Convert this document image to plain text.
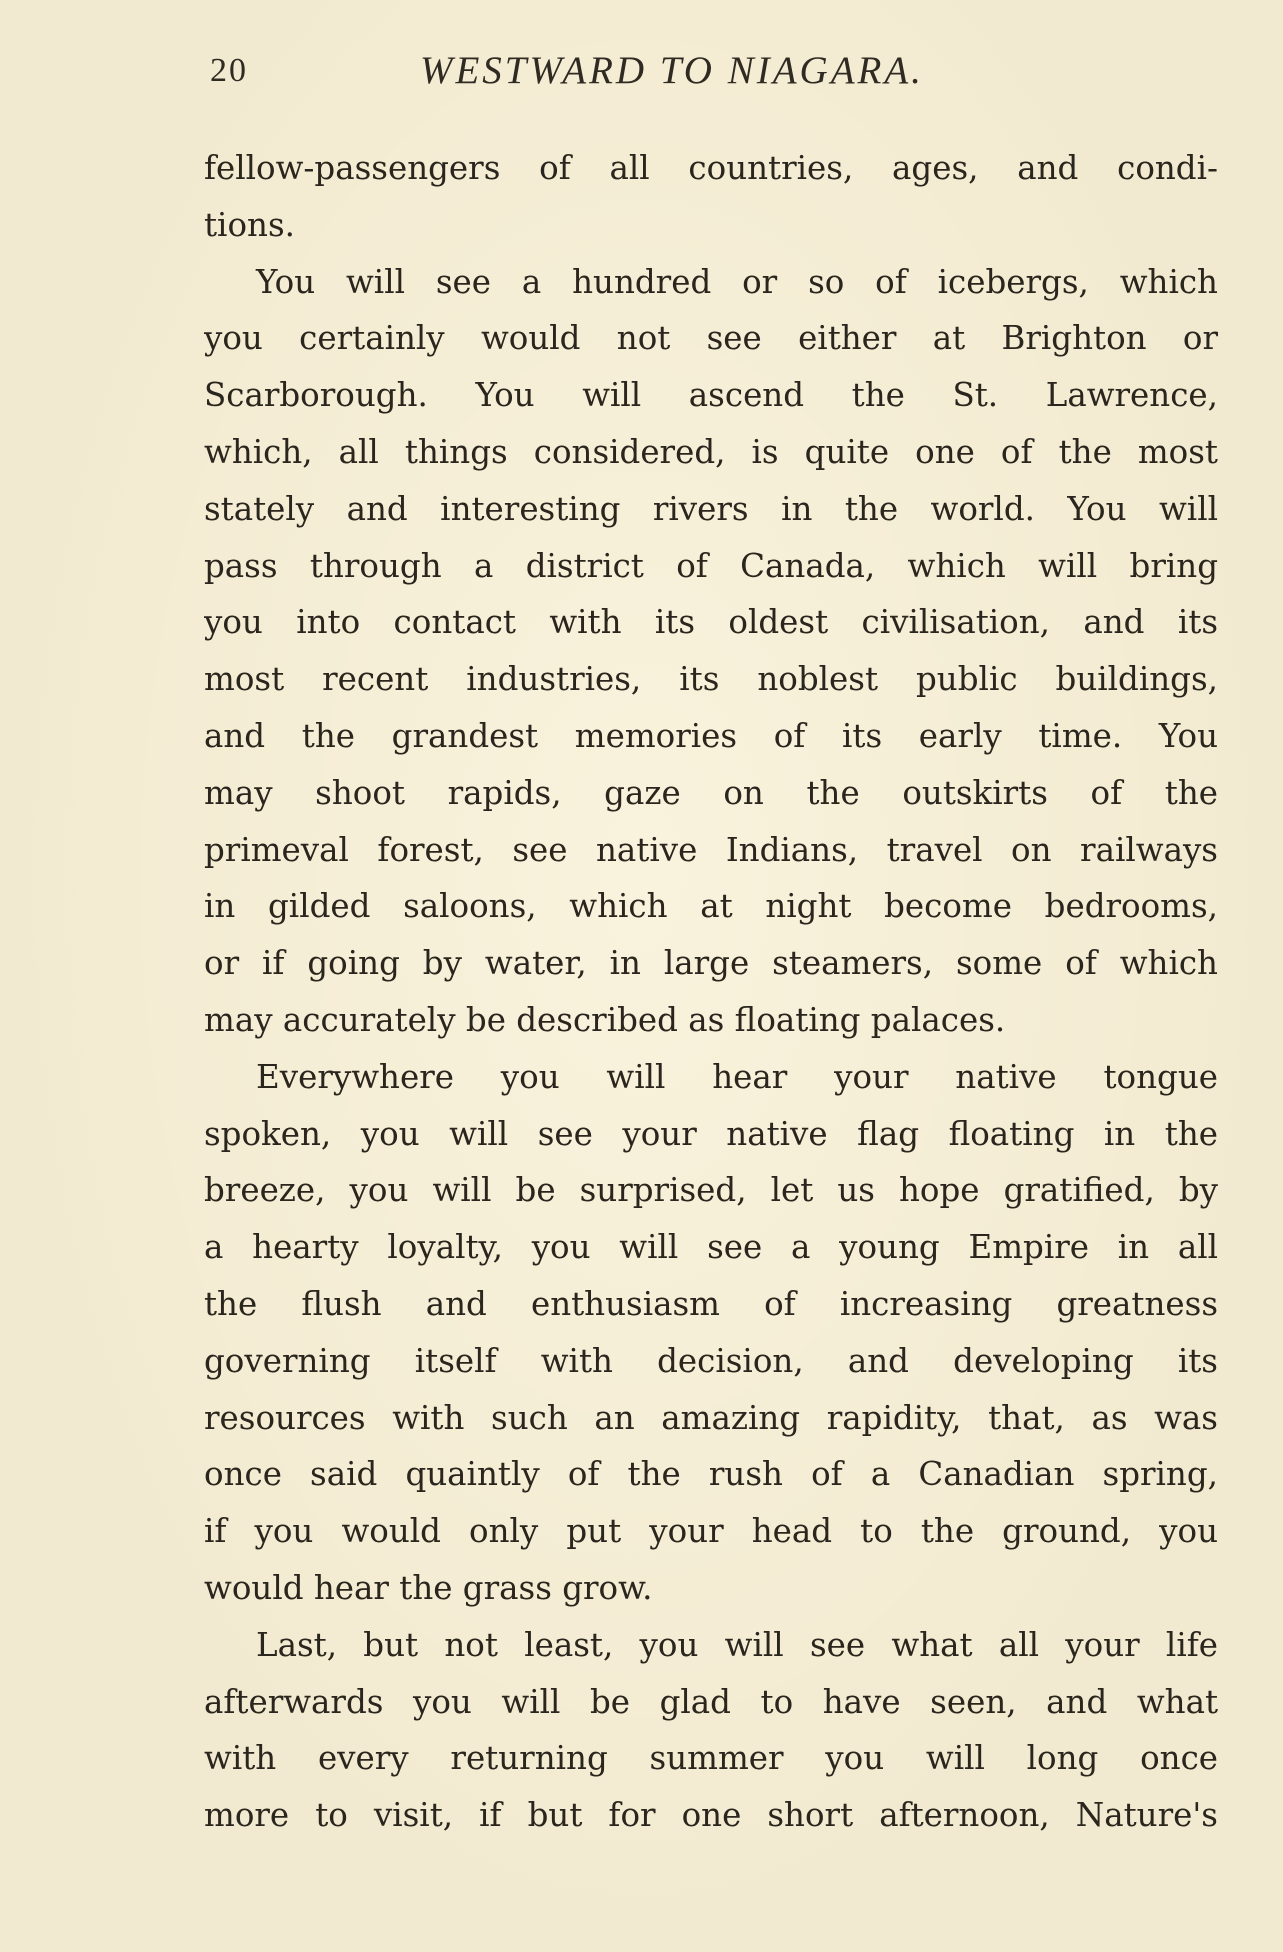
20	WESTWARD TO NIAGARA.
fellow-passengers of all countries, ages, and condi-
tions.
You will see a hundred or so of icebergs, which
you certainly would not see either at Brighton or
Scarborough. You will ascend the St. Lawrence,
which, all things considered, is quite one of the most
stately and interesting rivers in the world. You will
pass through a district of Canada, which will bring
you into contact with its oldest civilisation, and its
most recent industries, its noblest public buildings,
and the grandest memories of its early time. You
may shoot rapids, gaze on the outskirts of the
primeval forest, see native Indians, travel on railways
in gilded saloons, which at night become bedrooms,
or if going by water, in large steamers, some of which
may accurately be described as floating palaces.
Everywhere you will hear your native tongue
spoken, you will see your native flag floating in the
breeze, you will be surprised, let us hope gratified, by
a hearty loyalty, you will see a young Empire in all
the flush and enthusiasm of increasing greatness
governing itself with decision, and developing its
resources with such an amazing rapidity, that, as was
once said quaintly of the rush of a Canadian spring,
if you would only put your head to the ground, you
would hear the grass grow.
Last, but not least, you will see what all your life
afterwards you will be glad to have seen, and what
with every returning summer you will long once
more to visit, if but for one short afternoon, Nature's
